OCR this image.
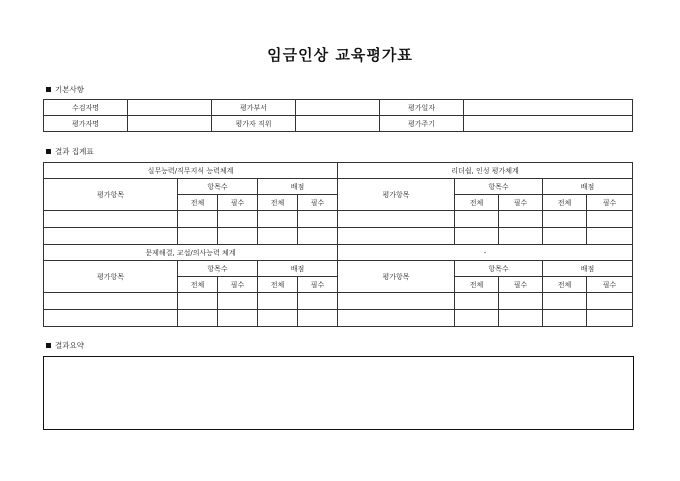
임금인상 교육평가표
기본사항
수검자명		평가부서		평가일자	
평가자명		평가자 직위		평가주기	
결과 집계표
실무능력/직무지식 능력체계					리더쉽, 인성 평가체계				
평가항목	항목수		배점		평가항목	항목수		배점	
	전체	필수	전체	필수		전체	필수	전체	필수

문제해결, 교섭/의사능력 체계					-				
평가항목	항목수		배점		평가항목	항목수		배점	
	전체	필수	전체	필수		전체	필수	전체	필수

결과요약
